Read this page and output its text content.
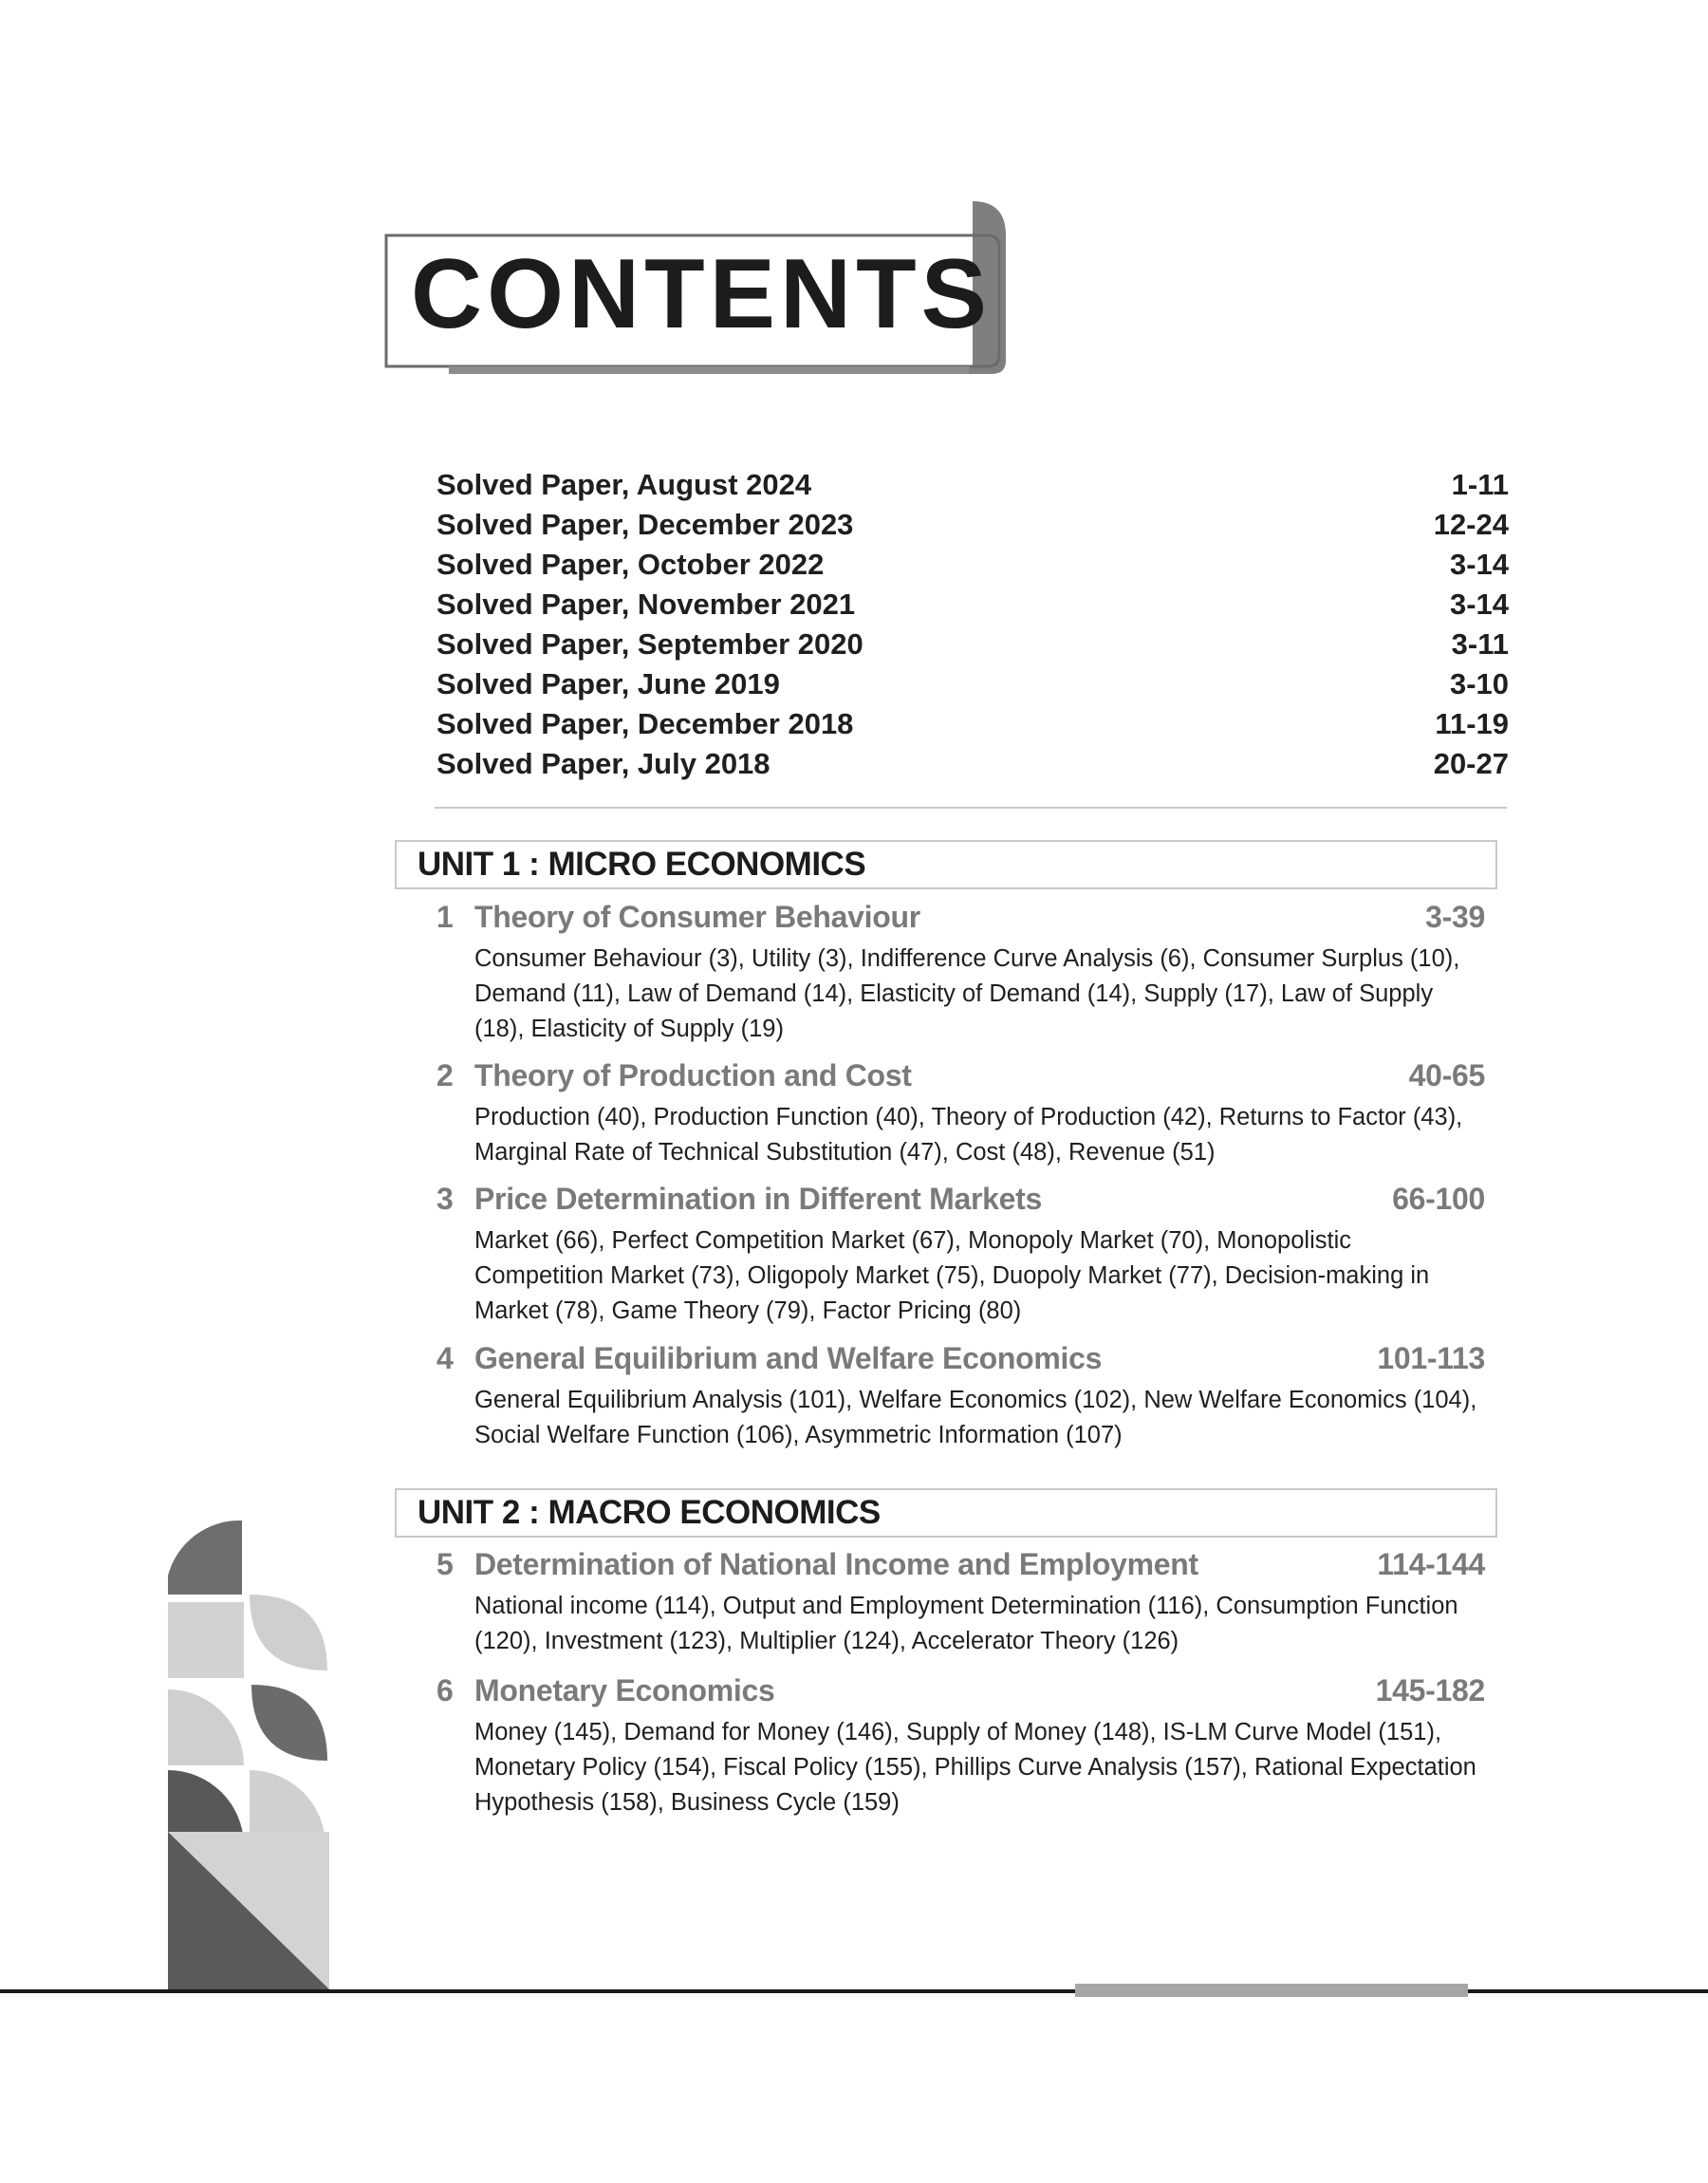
CONTENTS
Solved Paper, August 2024	1-11
Solved Paper, December 2023	12-24
Solved Paper, October 2022	3-14
Solved Paper, November 2021	3-14
Solved Paper, September 2020	3-11
Solved Paper, June 2019	3-10
Solved Paper, December 2018	11-19
Solved Paper, July 2018	20-27
UNIT 1 : MICRO ECONOMICS
1 Theory of Consumer Behaviour	3-39
Consumer Behaviour (3), Utility (3), Indifference Curve Analysis (6), Consumer Surplus (10), Demand (11), Law of Demand (14), Elasticity of Demand (14), Supply (17), Law of Supply (18), Elasticity of Supply (19)
2 Theory of Production and Cost	40-65
Production (40), Production Function (40), Theory of Production (42), Returns to Factor (43), Marginal Rate of Technical Substitution (47), Cost (48), Revenue (51)
3 Price Determination in Different Markets	66-100
Market (66), Perfect Competition Market (67), Monopoly Market (70), Monopolistic Competition Market (73), Oligopoly Market (75), Duopoly Market (77), Decision-making in Market (78), Game Theory (79), Factor Pricing (80)
4 General Equilibrium and Welfare Economics	101-113
General Equilibrium Analysis (101), Welfare Economics (102), New Welfare Economics (104), Social Welfare Function (106), Asymmetric Information (107)
UNIT 2 : MACRO ECONOMICS
5 Determination of National Income and Employment	114-144
National income (114), Output and Employment Determination (116), Consumption Function (120), Investment (123), Multiplier (124), Accelerator Theory (126)
6 Monetary Economics	145-182
Money (145), Demand for Money (146), Supply of Money (148), IS-LM Curve Model (151), Monetary Policy (154), Fiscal Policy (155), Phillips Curve Analysis (157), Rational Expectation Hypothesis (158), Business Cycle (159)
